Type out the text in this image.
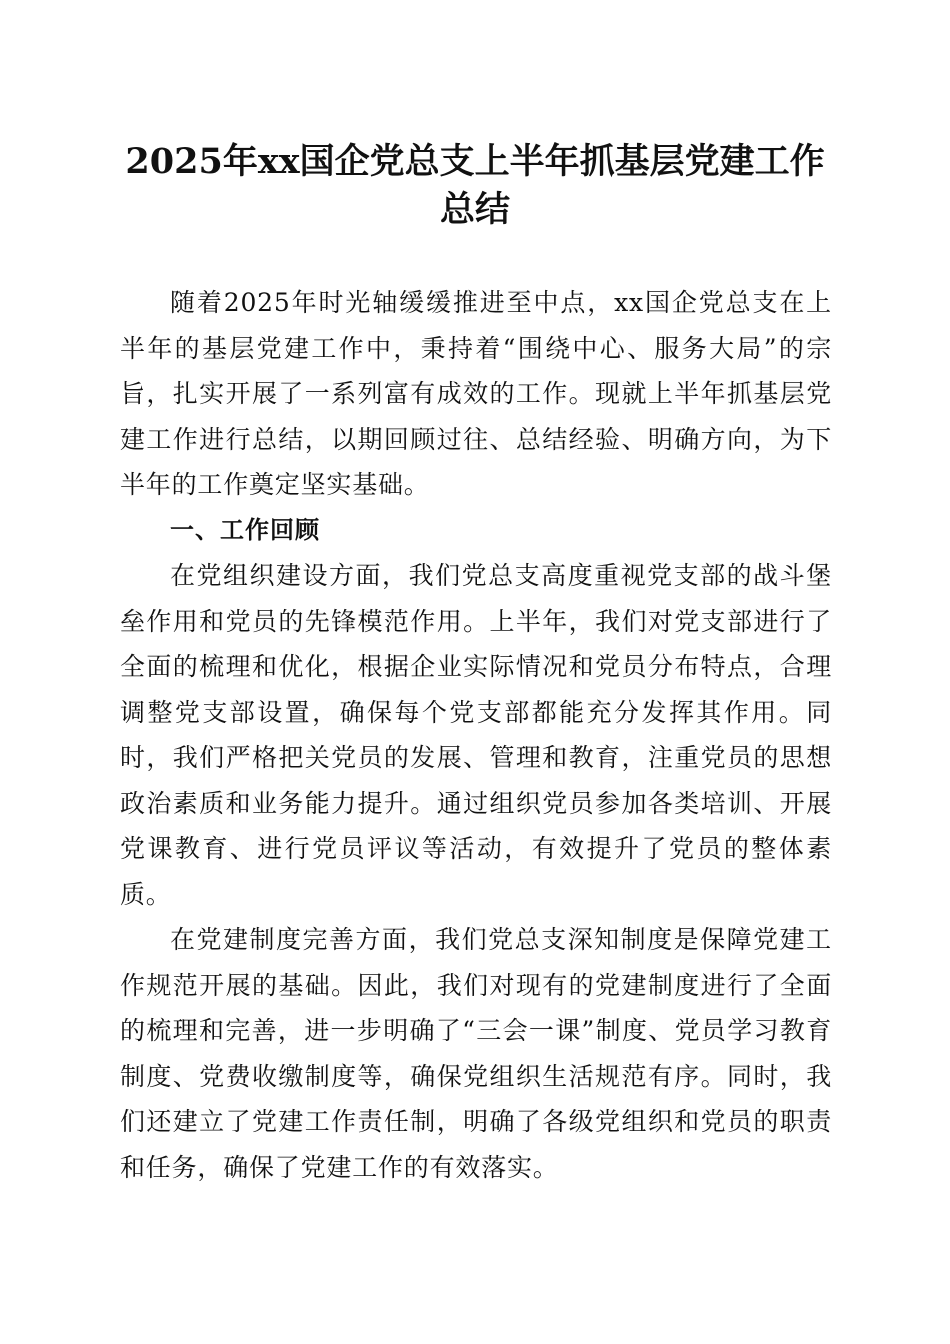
2025年xx国企党总支上半年抓基层党建工作
总结

随着2025年时光轴缓缓推进至中点，xx国企党总支在上半年的基层党建工作中，秉持着“围绕中心、服务大局”的宗旨，扎实开展了一系列富有成效的工作。现就上半年抓基层党建工作进行总结，以期回顾过往、总结经验、明确方向，为下半年的工作奠定坚实基础。

一、工作回顾

在党组织建设方面，我们党总支高度重视党支部的战斗堡垒作用和党员的先锋模范作用。上半年，我们对党支部进行了全面的梳理和优化，根据企业实际情况和党员分布特点，合理调整党支部设置，确保每个党支部都能充分发挥其作用。同时，我们严格把关党员的发展、管理和教育，注重党员的思想政治素质和业务能力提升。通过组织党员参加各类培训、开展党课教育、进行党员评议等活动，有效提升了党员的整体素质。

在党建制度完善方面，我们党总支深知制度是保障党建工作规范开展的基础。因此，我们对现有的党建制度进行了全面的梳理和完善，进一步明确了“三会一课”制度、党员学习教育制度、党费收缴制度等，确保党组织生活规范有序。同时，我们还建立了党建工作责任制，明确了各级党组织和党员的职责和任务，确保了党建工作的有效落实。
